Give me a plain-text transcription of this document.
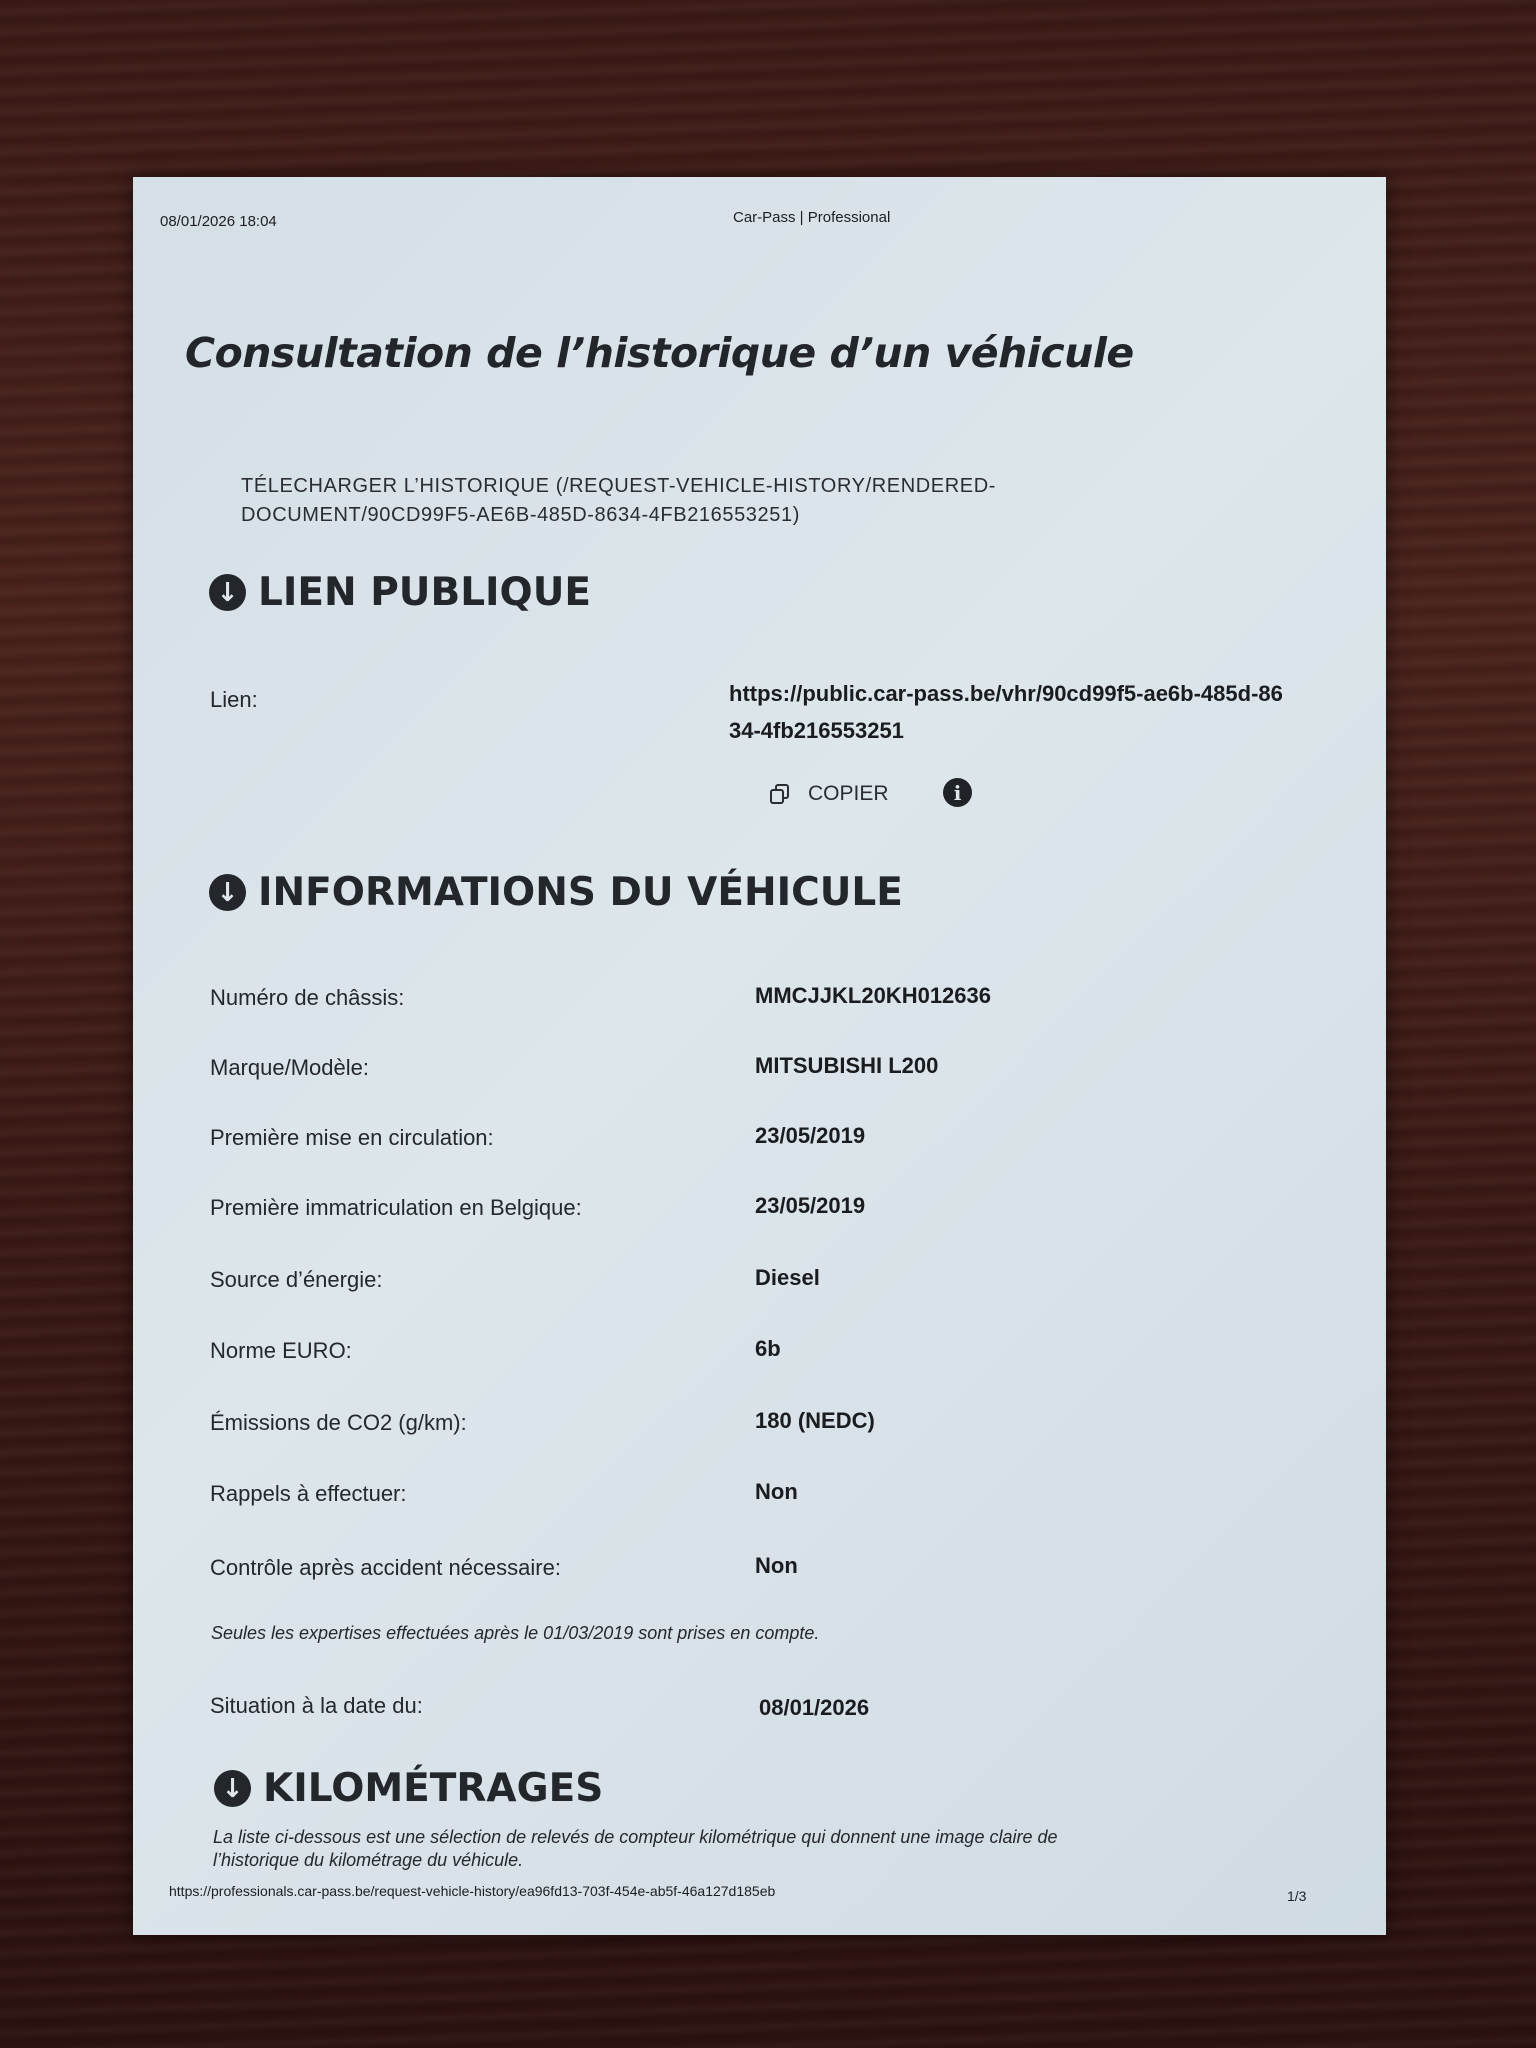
08/01/2026 18:04	Car-Pass | Professional
Consultation de l’historique d’un véhicule
TÉLECHARGER L’HISTORIQUE (/REQUEST-VEHICLE-HISTORY/RENDERED-DOCUMENT/90CD99F5-AE6B-485D-8634-4FB216553251)
↓ LIEN PUBLIQUE
Lien:	https://public.car-pass.be/vhr/90cd99f5-ae6b-485d-8634-4fb216553251
COPIER	i
↓ INFORMATIONS DU VÉHICULE
Numéro de châssis:	MMCJJKL20KH012636
Marque/Modèle:	MITSUBISHI L200
Première mise en circulation:	23/05/2019
Première immatriculation en Belgique:	23/05/2019
Source d’énergie:	Diesel
Norme EURO:	6b
Émissions de CO2 (g/km):	180 (NEDC)
Rappels à effectuer:	Non
Contrôle après accident nécessaire:	Non
Seules les expertises effectuées après le 01/03/2019 sont prises en compte.
Situation à la date du:	08/01/2026
↓ KILOMÉTRAGES
La liste ci-dessous est une sélection de relevés de compteur kilométrique qui donnent une image claire de l’historique du kilométrage du véhicule.
https://professionals.car-pass.be/request-vehicle-history/ea96fd13-703f-454e-ab5f-46a127d185eb	1/3
